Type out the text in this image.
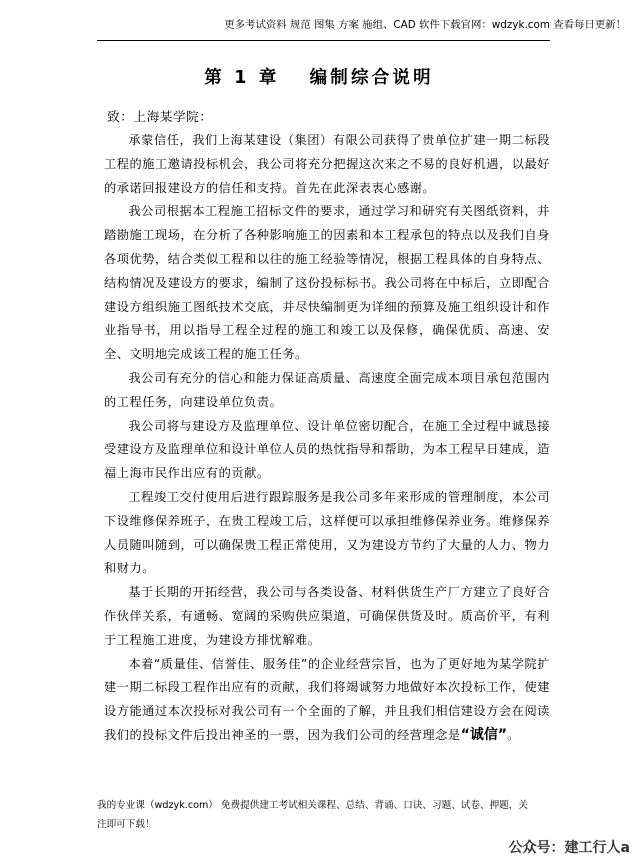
更多考试资料 规范 图集 方案 施组、CAD 软件下载官网：wdzyk.com 查看每日更新！
第 1 章 编制综合说明
致：上海某学院：

承蒙信任，我们上海某建设（集团）有限公司获得了贵单位扩建一期二标段工程的施工邀请投标机会，我公司将充分把握这次来之不易的良好机遇，以最好的承诺回报建设方的信任和支持。首先在此深表衷心感谢。

我公司根据本工程施工招标文件的要求，通过学习和研究有关图纸资料，并踏勘施工现场，在分析了各种影响施工的因素和本工程承包的特点以及我们自身各项优势，结合类似工程和以往的施工经验等情况，根据工程具体的自身特点、结构情况及建设方的要求，编制了这份投标标书。我公司将在中标后，立即配合建设方组织施工图纸技术交底，并尽快编制更为详细的预算及施工组织设计和作业指导书，用以指导工程全过程的施工和竣工以及保修，确保优质、高速、安全、文明地完成该工程的施工任务。

我公司有充分的信心和能力保证高质量、高速度全面完成本项目承包范围内的工程任务，向建设单位负责。

我公司将与建设方及监理单位、设计单位密切配合，在施工全过程中诚恳接受建设方及监理单位和设计单位人员的热忱指导和帮助，为本工程早日建成，造福上海市民作出应有的贡献。

工程竣工交付使用后进行跟踪服务是我公司多年来形成的管理制度，本公司下设维修保养班子，在贵工程竣工后，这样便可以承担维修保养业务。维修保养人员随叫随到，可以确保贵工程正常使用，又为建设方节约了大量的人力、物力和财力。

基于长期的开拓经营，我公司与各类设备、材料供货生产厂方建立了良好合作伙伴关系，有通畅、宽阔的采购供应渠道，可确保供货及时。质高价平，有利于工程施工进度，为建设方排忧解难。

本着“质量佳、信誉佳、服务佳”的企业经营宗旨，也为了更好地为某学院扩建一期二标段工程作出应有的贡献，我们将竭诚努力地做好本次投标工作，使建设方能通过本次投标对我公司有一个全面的了解，并且我们相信建设方会在阅读我们的投标文件后投出神圣的一票，因为我们公司的经营理念是“诚信”。

我的专业课（wdzyk.com） 免费提供建工考试相关课程、总结、背诵、口诀、习题、试卷、押题，关注即可下载！
公众号：建工行人a
